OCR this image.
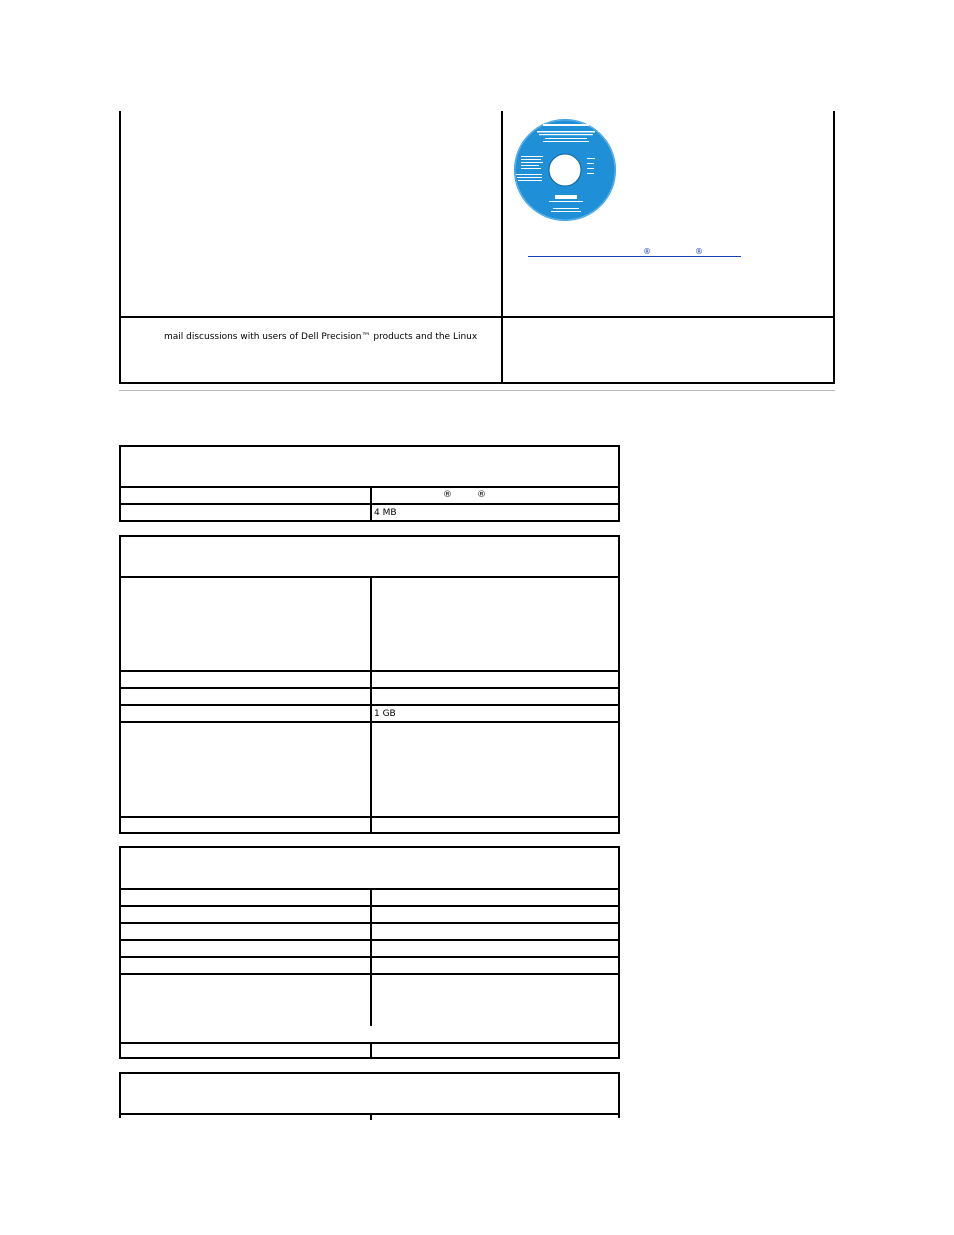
®	®
mail discussions with users of Dell Precision™ products and the Linux
®	®
4 MB
1 GB
